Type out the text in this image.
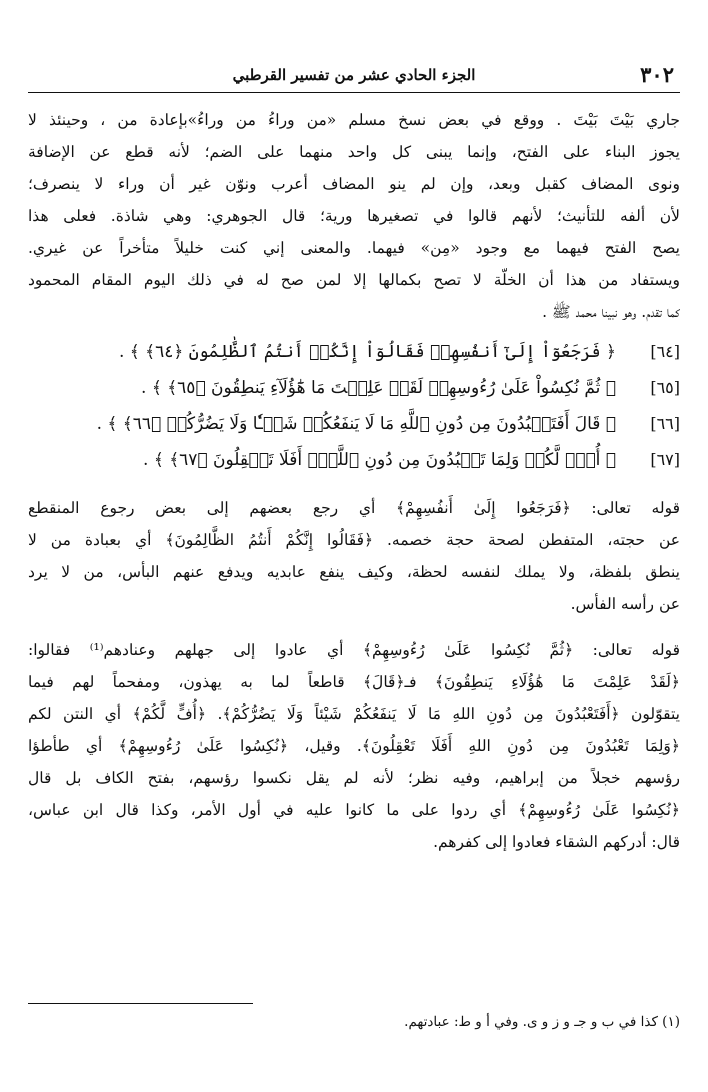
٣٠٢
الجزء الحادي عشر من تفسير القرطبي
جاري بَيْتَ بَيْتَ . ووقع في بعض نسخ مسلم «من وراءُ من وراءُ»بإعادة من ، وحينئذ لا
يجوز البناء على الفتح، وإنما يبنى كل واحد منهما على الضم؛ لأنه قطع عن الإضافة
ونوى المضاف كقبل وبعد، وإن لم ينو المضاف أعرب ونوّن غير أن وراء لا ينصرف؛
لأن ألفه للتأنيث؛ لأنهم قالوا في تصغيرها ورية؛ قال الجوهري: وهي شاذة. فعلى هذا
يصح الفتح فيهما مع وجود «مِن» فيهما. والمعنى إني كنت خليلاً متأخراً عن غيري.
ويستفاد من هذا أن الخلّة لا تصح بكمالها إلا لمن صح له في ذلك اليوم المقام المحمود
كما تقدم. وهو نبينا محمد ﷺ .
[٦٤]﴿ فَرَجَعُوٓاْ إِلَىٰٓ أَنفُسِهِمۡ فَقَالُوٓاْ إِنَّكُمۡ أَنتُمُ ٱلظَّٰلِمُونَ ﴿٦٤﴾ ﴾ .
[٦٥]﴿ ثُمَّ نُكِسُواْ عَلَىٰ رُءُوسِهِمۡ لَقَدۡ عَلِمۡتَ مَا هَٰٓؤُلَآءِ يَنطِقُونَ ﴿٦٥﴾ ﴾ .
[٦٦]﴿ قَالَ أَفَتَعۡبُدُونَ مِن دُونِ ٱللَّهِ مَا لَا يَنفَعُكُمۡ شَيۡـٔٗا وَلَا يَضُرُّكُمۡ ﴿٦٦﴾ ﴾ .
[٦٧]﴿ أُفّٖ لَّكُمۡ وَلِمَا تَعۡبُدُونَ مِن دُونِ ٱللَّهِۚ أَفَلَا تَعۡقِلُونَ ﴿٦٧﴾ ﴾ .
قوله تعالى: ﴿فَرَجَعُوا إِلَىٰ أَنفُسِهِمْ﴾ أي رجع بعضهم إلى بعض رجوع المنقطع
عن حجته، المتفطن لصحة حجة خصمه. ﴿فَقَالُوا إِنَّكُمْ أَنتُمُ الظَّالِمُونَ﴾ أي بعبادة من لا
ينطق بلفظة، ولا يملك لنفسه لحظة، وكيف ينفع عابديه ويدفع عنهم البأس، من لا يرد
عن رأسه الفأس.
قوله تعالى: ﴿ثُمَّ نُكِسُوا عَلَىٰ رُءُوسِهِمْ﴾ أي عادوا إلى جهلهم وعنادهم⁽¹⁾ فقالوا:
﴿لَقَدْ عَلِمْتَ مَا هَٰؤُلَاءِ يَنطِقُونَ﴾ فـ﴿قَالَ﴾ قاطعاً لما به يهذون، ومفحماً لهم فيما
يتقوّلون ﴿أَفَتَعْبُدُونَ مِن دُونِ اللهِ مَا لَا يَنفَعُكُمْ شَيْئاً وَلَا يَضُرُّكُمْ﴾. ﴿أُفٍّ لَّكُمْ﴾ أي النتن لكم
﴿وَلِمَا تَعْبُدُونَ مِن دُونِ اللهِ أَفَلَا تَعْقِلُونَ﴾. وقيل، ﴿نُكِسُوا عَلَىٰ رُءُوسِهِمْ﴾ أي طأطؤا
رؤسهم خجلاً من إبراهيم، وفيه نظر؛ لأنه لم يقل نكسوا رؤسهم، بفتح الكاف بل قال
﴿نُكِسُوا عَلَىٰ رُءُوسِهِمْ﴾ أي ردوا على ما كانوا عليه في أول الأمر، وكذا قال ابن عباس،
قال: أدركهم الشقاء فعادوا إلى كفرهم.
(١) كذا في ب و جـ و ز و ى. وفي أ و ط: عبادتهم.
